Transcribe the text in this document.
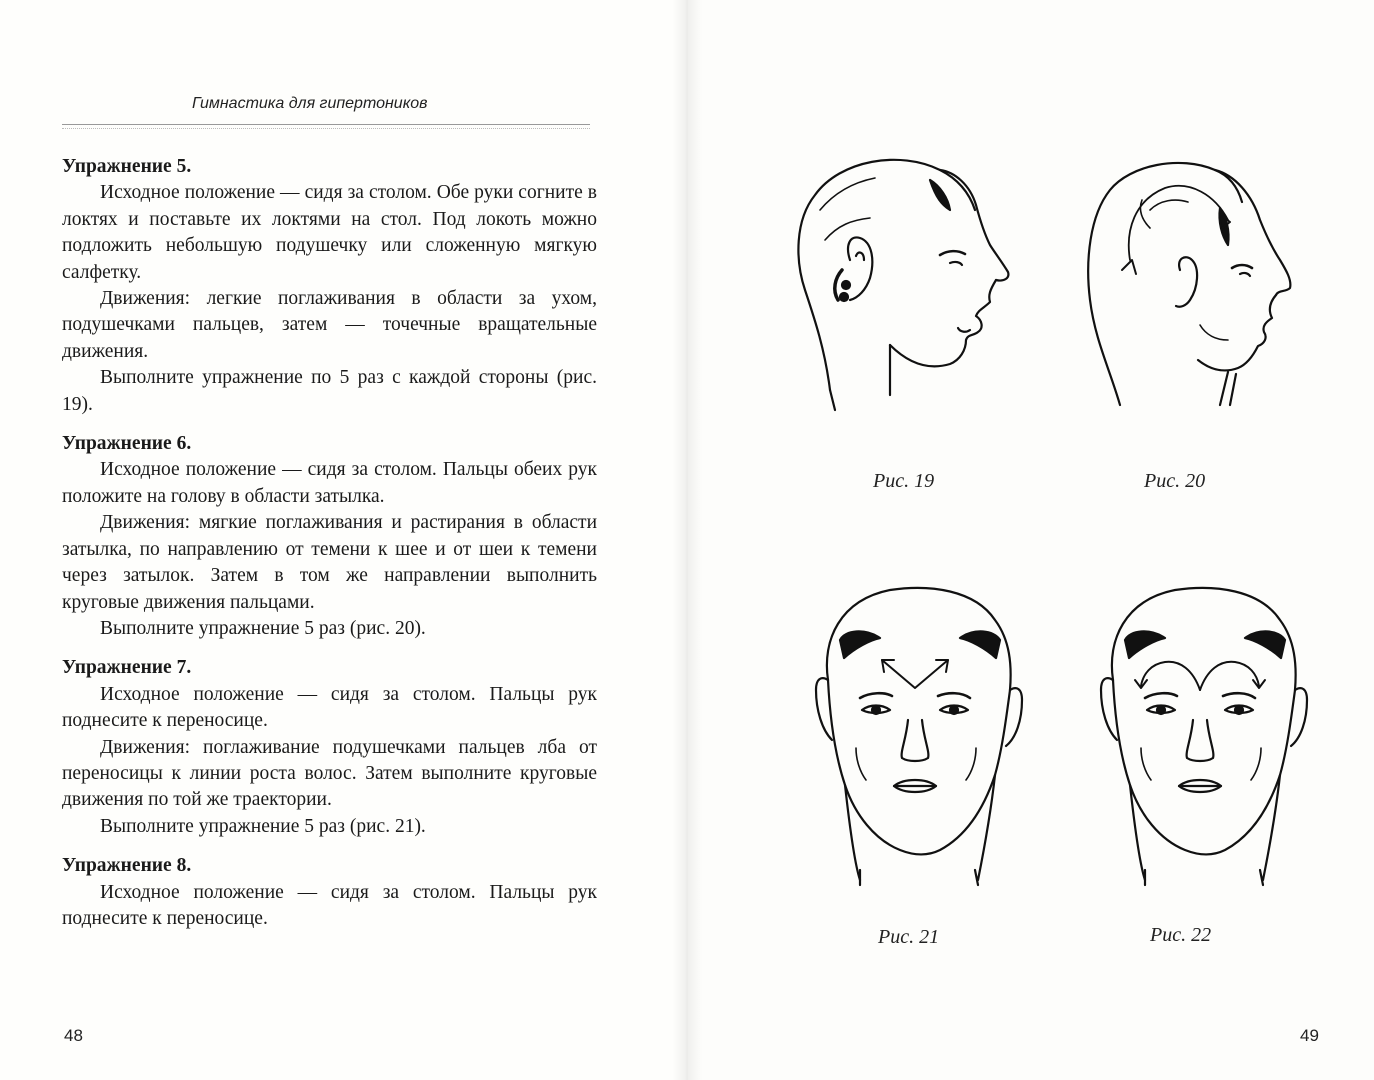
Гимнастика для гипертоников

Упражнение 5.

Исходное положение — сидя за столом. Обе руки согните в локтях и поставьте их локтями на стол. Под локоть можно подложить небольшую подушечку или сложенную мягкую салфетку.

Движения: легкие поглаживания в области за ухом, подушечками пальцев, затем — точечные вращательные движения.

Выполните упражнение по 5 раз с каждой стороны (рис. 19).

Упражнение 6.

Исходное положение — сидя за столом. Пальцы обеих рук положите на голову в области затылка.

Движения: мягкие поглаживания и растирания в области затылка, по направлению от темени к шее и от шеи к темени через затылок. Затем в том же направлении выполнить круговые движения пальцами.

Выполните упражнение 5 раз (рис. 20).

Упражнение 7.

Исходное положение — сидя за столом. Пальцы рук поднесите к переносице.

Движения: поглаживание подушечками пальцев лба от переносицы к линии роста волос. Затем выполните круговые движения по той же траектории.

Выполните упражнение 5 раз (рис. 21).

Упражнение 8.

Исходное положение — сидя за столом. Пальцы рук поднесите к переносице.

48	49
Рис. 19	Рис. 20
Рис. 21	Рис. 22
